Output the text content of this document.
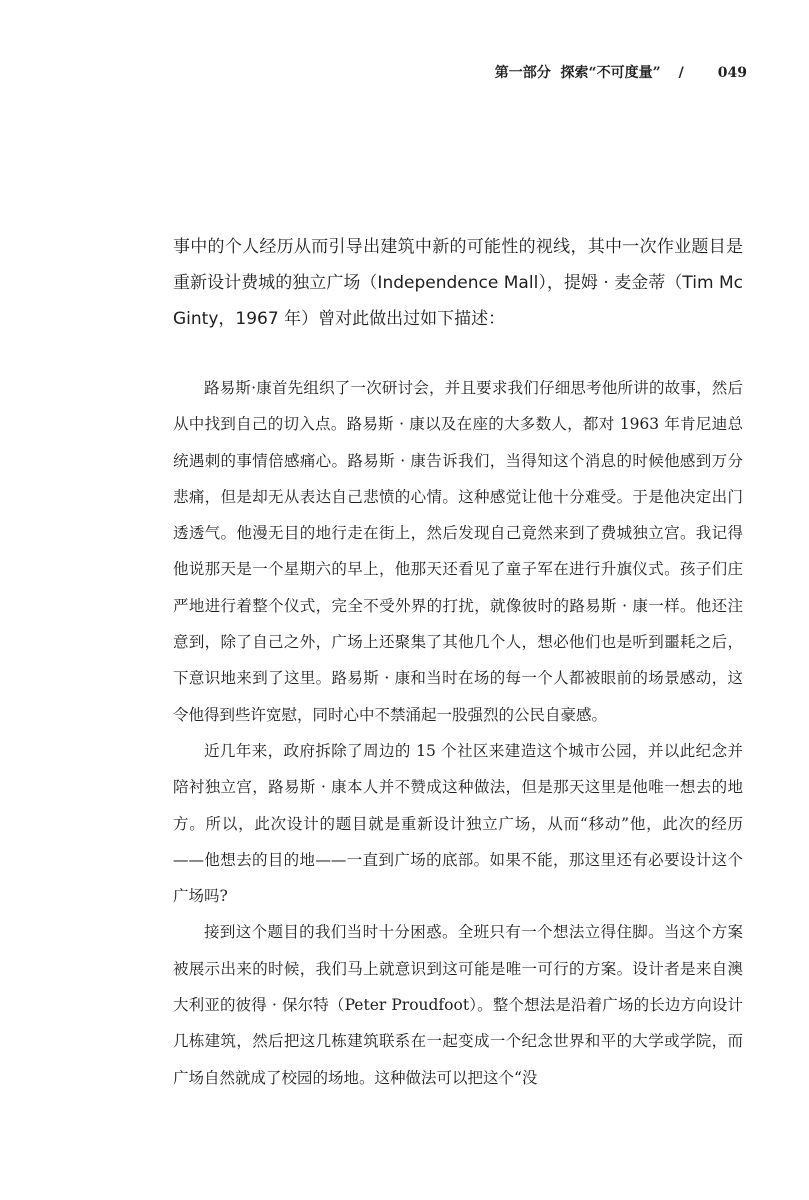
第一部分 探索“不可度量” / 049

事中的个人经历从而引导出建筑中新的可能性的视线，其中一次作业题目是重新设计费城的独立广场（Independence Mall），提姆 · 麦金蒂（Tim McGinty，1967 年）曾对此做出过如下描述：

路易斯·康首先组织了一次研讨会，并且要求我们仔细思考他所讲的故事，然后从中找到自己的切入点。路易斯 · 康以及在座的大多数人，都对 1963 年肯尼迪总统遇刺的事情倍感痛心。路易斯 · 康告诉我们，当得知这个消息的时候他感到万分悲痛，但是却无从表达自己悲愤的心情。这种感觉让他十分难受。于是他决定出门透透气。他漫无目的地行走在街上，然后发现自己竟然来到了费城独立宫。我记得他说那天是一个星期六的早上，他那天还看见了童子军在进行升旗仪式。孩子们庄严地进行着整个仪式，完全不受外界的打扰，就像彼时的路易斯 · 康一样。他还注意到，除了自己之外，广场上还聚集了其他几个人，想必他们也是听到噩耗之后，下意识地来到了这里。路易斯 · 康和当时在场的每一个人都被眼前的场景感动，这令他得到些许宽慰，同时心中不禁涌起一股强烈的公民自豪感。

近几年来，政府拆除了周边的 15 个社区来建造这个城市公园，并以此纪念并陪衬独立宫，路易斯 · 康本人并不赞成这种做法，但是那天这里是他唯一想去的地方。所以，此次设计的题目就是重新设计独立广场，从而“移动”他，此次的经历——他想去的目的地——一直到广场的底部。如果不能，那这里还有必要设计这个广场吗?

接到这个题目的我们当时十分困惑。全班只有一个想法立得住脚。当这个方案被展示出来的时候，我们马上就意识到这可能是唯一可行的方案。设计者是来自澳大利亚的彼得 · 保尔特（Peter Proudfoot）。整个想法是沿着广场的长边方向设计几栋建筑，然后把这几栋建筑联系在一起变成一个纪念世界和平的大学或学院，而广场自然就成了校园的场地。这种做法可以把这个“没
